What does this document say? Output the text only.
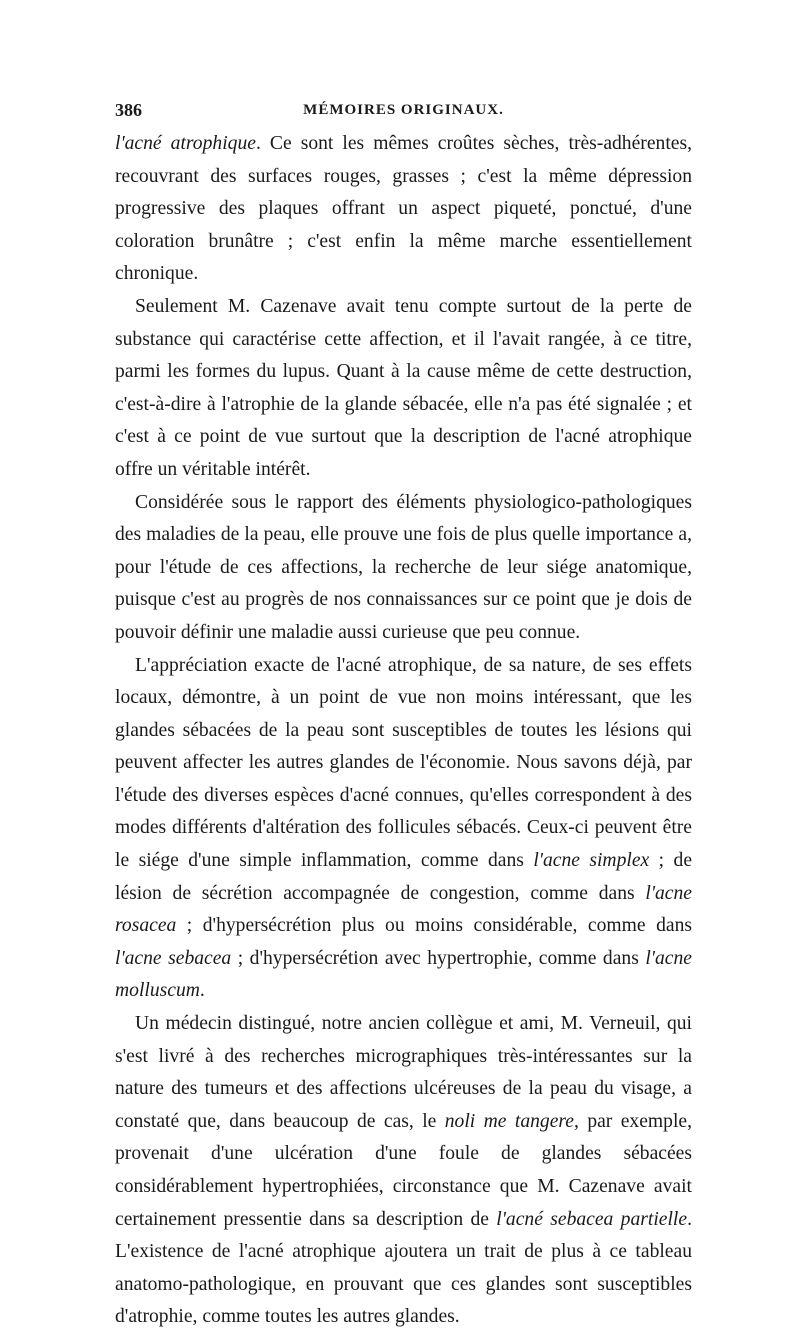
386	MÉMOIRES ORIGINAUX.

l'acné atrophique. Ce sont les mêmes croûtes sèches, très-adhérentes, recouvrant des surfaces rouges, grasses ; c'est la même dépression progressive des plaques offrant un aspect piqueté, ponctué, d'une coloration brunâtre ; c'est enfin la même marche essentiellement chronique.

Seulement M. Cazenave avait tenu compte surtout de la perte de substance qui caractérise cette affection, et il l'avait rangée, à ce titre, parmi les formes du lupus. Quant à la cause même de cette destruction, c'est-à-dire à l'atrophie de la glande sébacée, elle n'a pas été signalée ; et c'est à ce point de vue surtout que la description de l'acné atrophique offre un véritable intérêt.

Considérée sous le rapport des éléments physiologico-pathologiques des maladies de la peau, elle prouve une fois de plus quelle importance a, pour l'étude de ces affections, la recherche de leur siége anatomique, puisque c'est au progrès de nos connaissances sur ce point que je dois de pouvoir définir une maladie aussi curieuse que peu connue.

L'appréciation exacte de l'acné atrophique, de sa nature, de ses effets locaux, démontre, à un point de vue non moins intéressant, que les glandes sébacées de la peau sont susceptibles de toutes les lésions qui peuvent affecter les autres glandes de l'économie. Nous savons déjà, par l'étude des diverses espèces d'acné connues, qu'elles correspondent à des modes différents d'altération des follicules sébacés. Ceux-ci peuvent être le siége d'une simple inflammation, comme dans l'acne simplex ; de lésion de sécrétion accompagnée de congestion, comme dans l'acne rosacea ; d'hypersécrétion plus ou moins considérable, comme dans l'acne sebacea ; d'hypersécrétion avec hypertrophie, comme dans l'acne molluscum.

Un médecin distingué, notre ancien collègue et ami, M. Verneuil, qui s'est livré à des recherches micrographiques très-intéressantes sur la nature des tumeurs et des affections ulcéreuses de la peau du visage, a constaté que, dans beaucoup de cas, le noli me tangere, par exemple, provenait d'une ulcération d'une foule de glandes sébacées considérablement hypertrophiées, circonstance que M. Cazenave avait certainement pressentie dans sa description de l'acné sebacea partielle. L'existence de l'acné atrophique ajoutera un trait de plus à ce tableau anatomo-pathologique, en prouvant que ces glandes sont susceptibles d'atrophie, comme toutes les autres glandes.
